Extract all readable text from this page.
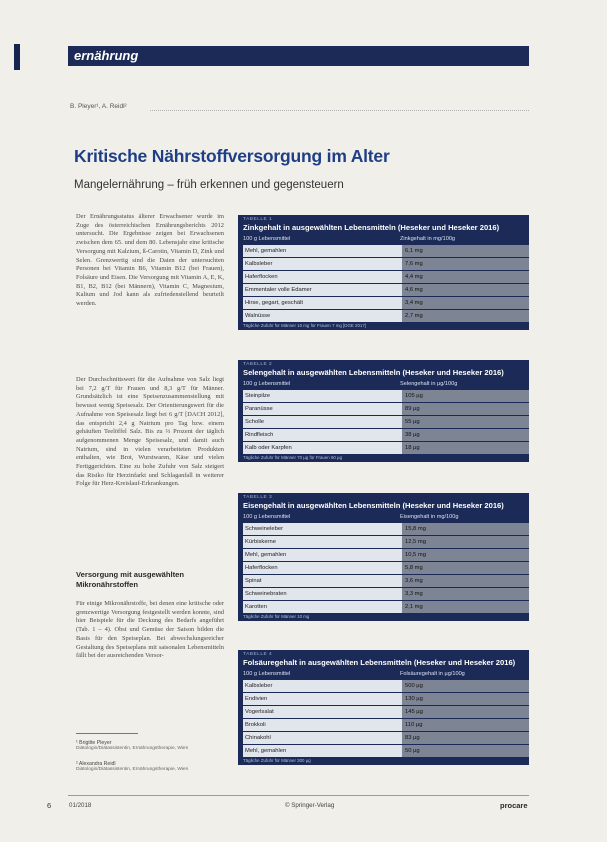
ernährung
B. Pleyer¹, A. Reidl²
Kritische Nährstoffversorgung im Alter
Mangelernährung – früh erkennen und gegensteuern

Der Ernährungsstatus älterer Erwachsener wurde im Zuge des österreichischen Ernährungsberichts 2012 untersucht. Die Ergebnisse zeigen bei Erwachsenen zwischen dem 65. und dem 80. Lebensjahr eine kritische Versorgung mit Kalzium, ß-Carotin, Vitamin D, Zink und Selen. Grenzwertig sind die Daten der untersuchten Personen bei Vitamin B6, Vitamin B12 (bei Frauen), Folsäure und Eisen. Die Versorgung mit Vitamin A, E, K, B1, B2, B12 (bei Männern), Vitamin C, Magnesium, Kalium und Jod kann als zufriedenstellend beurteilt werden.

Der Durchschnittswert für die Aufnahme von Salz liegt bei 7,2 g/T für Frauen und 8,3 g/T für Männer. Grundsätzlich ist eine Speisenzusammenstellung mit bewusst wenig Speisesalz. Der Orientierungswert für die Aufnahme von Speisesalz liegt bei 6 g/T [DACH 2012], das entspricht 2,4 g Natrium pro Tag bzw. einem gehäuften Teelöffel Salz. Bis zu ⅔ Prozent der täglich aufgenommenen Menge Speisesalz, und damit auch Natrium, sind in vielen verarbeiteten Produkten enthalten, wie Brot, Wurstwaren, Käse und vielen Fertiggerichten. Eine zu hohe Zufuhr von Salz steigert das Risiko für Herzinfarkt und Schlaganfall in weiterer Folge für Herz-Kreislauf-Erkrankungen.

Versorgung mit ausgewählten Mikronährstoffen

Für einige Mikronährstoffe, bei denen eine kritische oder grenzwertige Versorgung festgestellt werden konnte, sind hier Beispiele für die Deckung des Bedarfs angeführt (Tab. 1 – 4). Obst und Gemüse der Saison bilden die Basis für den Speiseplan. Bei abwechslungsreicher Gestaltung des Speiseplans mit saisonalen Lebensmitteln fällt bei der ausreichenden Versor-

¹ Brigitte Pleyer
Diätologin/Diätassistentin, Ernährungstherapie, Wien
² Alexandra Reidl
Diätologin/Diätassistentin, Ernährungstherapie, Wien
TABELLE 1
Zinkgehalt in ausgewählten Lebensmitteln (Heseker und Heseker 2016)
100 g Lebensmittel	Zinkgehalt in mg/100g
Mehl, gemahlen	6,1 mg
Kalbsleber	7,6 mg
Haferflocken	4,4 mg
Emmentaler volle Edamer	4,6 mg
Hirse, gegart, geschält	3,4 mg
Walnüsse	2,7 mg
Tägliche Zufuhr für Männer 10 mg für Frauen 7 mg [DGE 2017]
TABELLE 2
Selengehalt in ausgewählten Lebensmitteln (Heseker und Heseker 2016)
100 g Lebensmittel	Selengehalt in µg/100g
Steinpilze	105 µg
Paranüsse	89 µg
Scholle	55 µg
Rindfleisch	38 µg
Kalb oder Karpfen	18 µg
Tägliche Zufuhr für Männer 70 µg für Frauen 60 µg
TABELLE 3
Eisengehalt in ausgewählten Lebensmitteln (Heseker und Heseker 2016)
100 g Lebensmittel	Eisengehalt in mg/100g
Schweineleber	15,8 mg
Kürbiskerne	12,5 mg
Mehl, gemahlen	10,5 mg
Haferflocken	5,8 mg
Spinat	3,6 mg
Schweinebraten	3,3 mg
Karotten	2,1 mg
Tägliche Zufuhr für Männer 10 mg
TABELLE 4
Folsäuregehalt in ausgewählten Lebensmitteln (Heseker und Heseker 2016)
100 g Lebensmittel	Folsäuregehalt in µg/100g
Kalbsleber	500 µg
Endivien	130 µg
Vogerlsalat	145 µg
Brokkoli	110 µg
Chinakohl	83 µg
Mehl, gemahlen	50 µg
Tägliche Zufuhr für Männer 300 µg
6	01/2018	© Springer-Verlag	procare
